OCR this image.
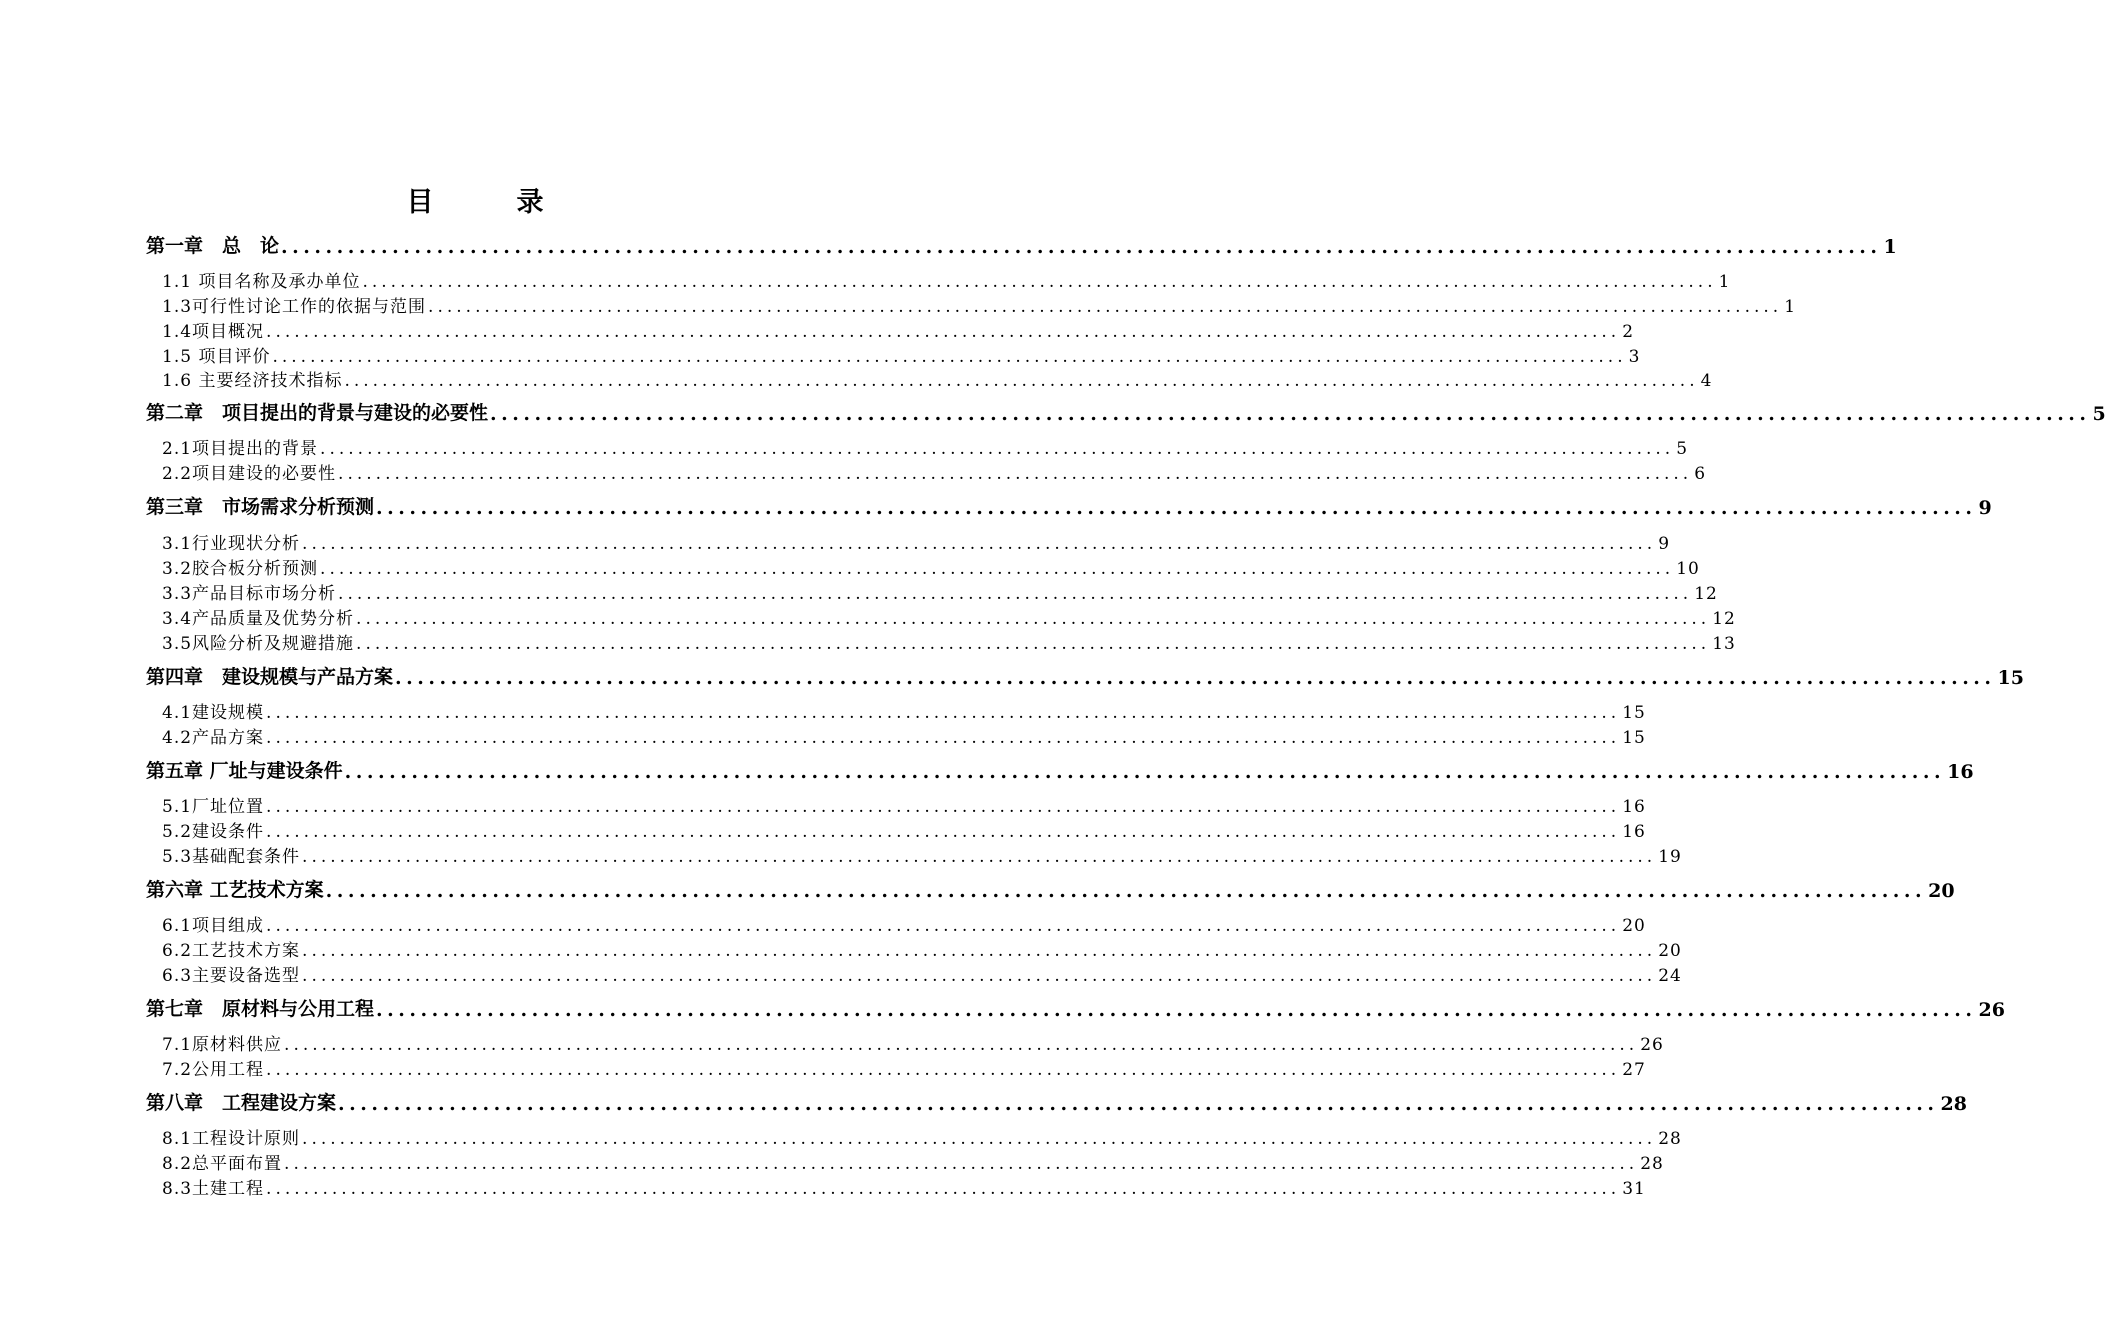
目　录
第一章　总　论 ................................................................................................................................................ 1
1.1 项目名称及承办单位 ................................................................................................................................................ 1
1.3可行性讨论工作的依据与范围 ................................................................................................................................................ 1
1.4项目概况 ................................................................................................................................................ 2
1.5 项目评价 ................................................................................................................................................ 3
1.6 主要经济技术指标 ................................................................................................................................................ 4
第二章　项目提出的背景与建设的必要性 ................................................................................................................................................ 5
2.1项目提出的背景 ................................................................................................................................................ 5
2.2项目建设的必要性 ................................................................................................................................................ 6
第三章　市场需求分析预测 ................................................................................................................................................ 9
3.1行业现状分析 ................................................................................................................................................ 9
3.2胶合板分析预测 ................................................................................................................................................ 10
3.3产品目标市场分析 ................................................................................................................................................ 12
3.4产品质量及优势分析 ................................................................................................................................................ 12
3.5风险分析及规避措施 ................................................................................................................................................ 13
第四章　建设规模与产品方案 ................................................................................................................................................ 15
4.1建设规模 ................................................................................................................................................ 15
4.2产品方案 ................................................................................................................................................ 15
第五章 厂址与建设条件 ................................................................................................................................................ 16
5.1厂址位置 ................................................................................................................................................ 16
5.2建设条件 ................................................................................................................................................ 16
5.3基础配套条件 ................................................................................................................................................ 19
第六章 工艺技术方案 ................................................................................................................................................ 20
6.1项目组成 ................................................................................................................................................ 20
6.2工艺技术方案 ................................................................................................................................................ 20
6.3主要设备选型 ................................................................................................................................................ 24
第七章　原材料与公用工程 ................................................................................................................................................ 26
7.1原材料供应 ................................................................................................................................................ 26
7.2公用工程 ................................................................................................................................................ 27
第八章　工程建设方案 ................................................................................................................................................ 28
8.1工程设计原则 ................................................................................................................................................ 28
8.2总平面布置 ................................................................................................................................................ 28
8.3土建工程 ................................................................................................................................................ 31
